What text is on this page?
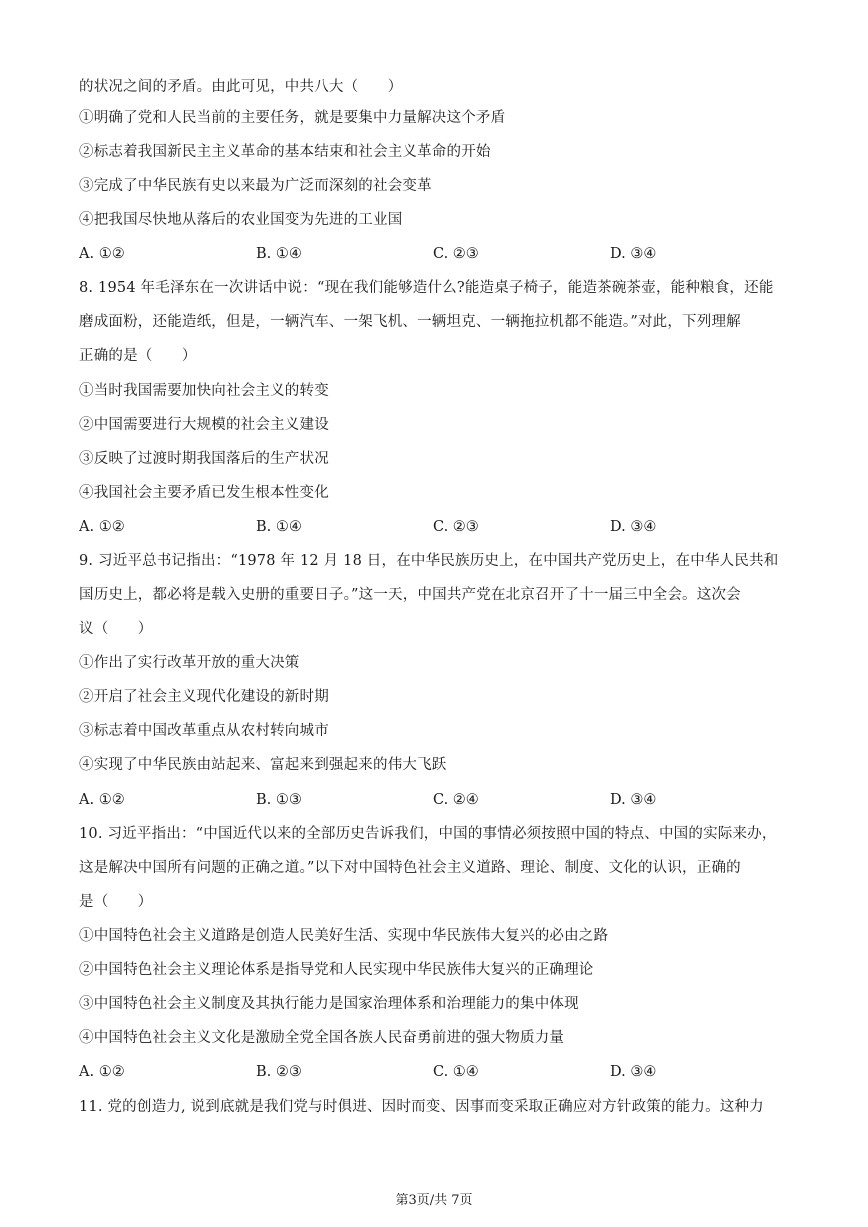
的状况之间的矛盾。由此可见，中共八大（　　）
①明确了党和人民当前的主要任务，就是要集中力量解决这个矛盾
②标志着我国新民主主义革命的基本结束和社会主义革命的开始
③完成了中华民族有史以来最为广泛而深刻的社会变革
④把我国尽快地从落后的农业国变为先进的工业国
A. ①②	B. ①④	C. ②③	D. ③④
8. 1954 年毛泽东在一次讲话中说：“现在我们能够造什么?能造桌子椅子，能造茶碗茶壶，能种粮食，还能
磨成面粉，还能造纸，但是，一辆汽车、一架飞机、一辆坦克、一辆拖拉机都不能造。”对此，下列理解
正确的是（　　）
①当时我国需要加快向社会主义的转变
②中国需要进行大规模的社会主义建设
③反映了过渡时期我国落后的生产状况
④我国社会主要矛盾已发生根本性变化
A. ①②	B. ①④	C. ②③	D. ③④
9. 习近平总书记指出：“1978 年 12 月 18 日，在中华民族历史上，在中国共产党历史上，在中华人民共和
国历史上，都必将是载入史册的重要日子。”这一天，中国共产党在北京召开了十一届三中全会。这次会
议（　　）
①作出了实行改革开放的重大决策
②开启了社会主义现代化建设的新时期
③标志着中国改革重点从农村转向城市
④实现了中华民族由站起来、富起来到强起来的伟大飞跃
A. ①②	B. ①③	C. ②④	D. ③④
10. 习近平指出：“中国近代以来的全部历史告诉我们，中国的事情必须按照中国的特点、中国的实际来办，
这是解决中国所有问题的正确之道。”以下对中国特色社会主义道路、理论、制度、文化的认识，正确的
是（　　）
①中国特色社会主义道路是创造人民美好生活、实现中华民族伟大复兴的必由之路
②中国特色社会主义理论体系是指导党和人民实现中华民族伟大复兴的正确理论
③中国特色社会主义制度及其执行能力是国家治理体系和治理能力的集中体现
④中国特色社会主义文化是激励全党全国各族人民奋勇前进的强大物质力量
A. ①②	B. ②③	C. ①④	D. ③④
11. 党的创造力, 说到底就是我们党与时俱进、因时而变、因事而变采取正确应对方针政策的能力。这种力
第3页/共 7页
